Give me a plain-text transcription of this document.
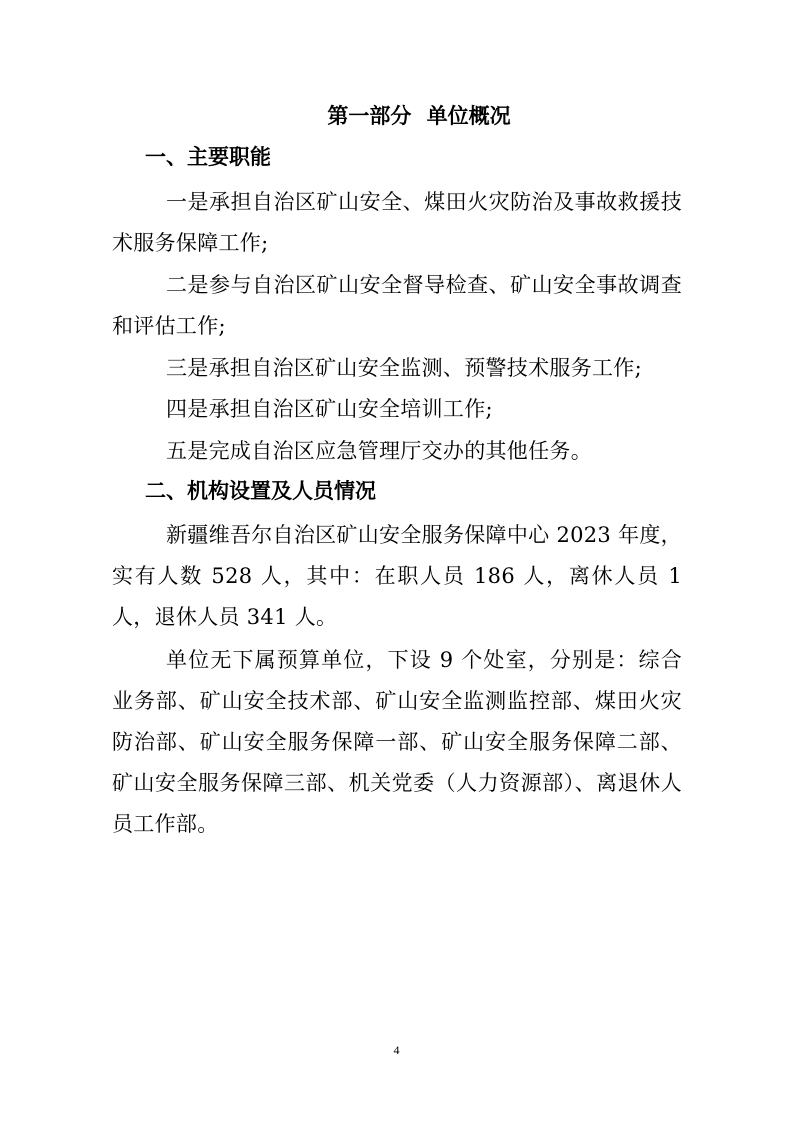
第一部分 单位概况
一、主要职能
一是承担自治区矿山安全、煤田火灾防治及事故救援技术服务保障工作;
二是参与自治区矿山安全督导检查、矿山安全事故调查和评估工作;
三是承担自治区矿山安全监测、预警技术服务工作;
四是承担自治区矿山安全培训工作;
五是完成自治区应急管理厅交办的其他任务。
二、机构设置及人员情况
新疆维吾尔自治区矿山安全服务保障中心 2023 年度，实有人数 528 人，其中：在职人员 186 人，离休人员 1 人，退休人员 341 人。
单位无下属预算单位，下设 9 个处室，分别是：综合业务部、矿山安全技术部、矿山安全监测监控部、煤田火灾防治部、矿山安全服务保障一部、矿山安全服务保障二部、矿山安全服务保障三部、机关党委（人力资源部）、离退休人员工作部。
4
